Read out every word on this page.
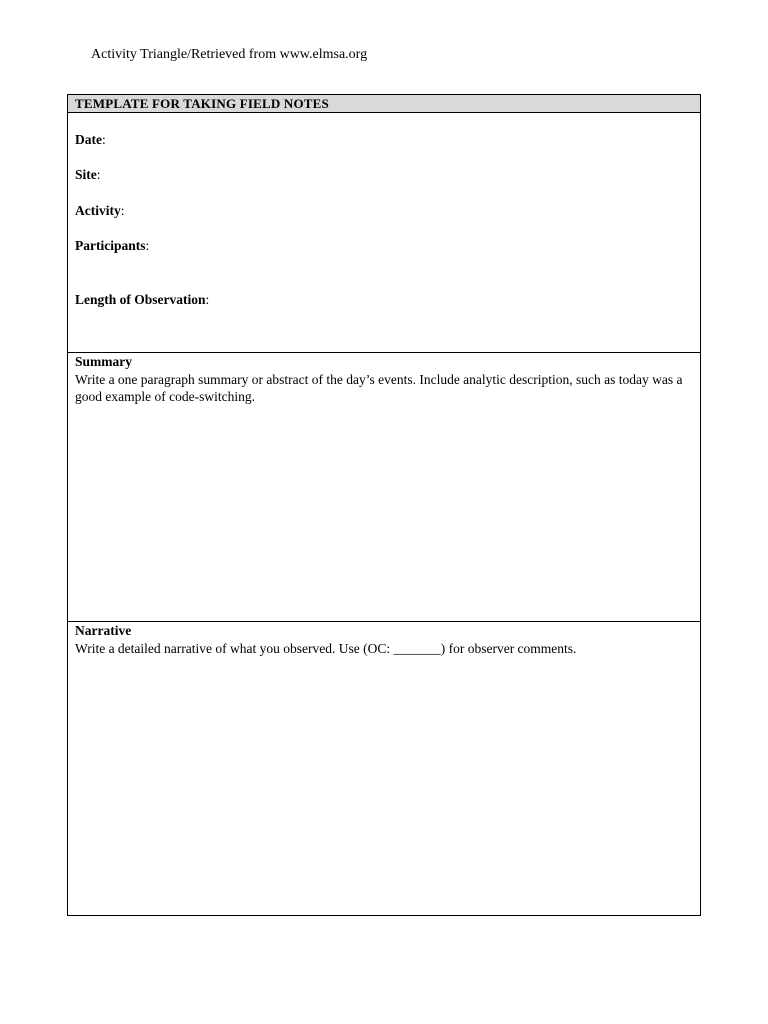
Activity Triangle/Retrieved from www.elmsa.org
TEMPLATE FOR TAKING FIELD NOTES
Date:
Site:
Activity:
Participants:
Length of Observation:
Summary
Write a one paragraph summary or abstract of the day’s events. Include analytic description, such as today was a good example of code-switching.
Narrative
Write a detailed narrative of what you observed. Use (OC: _______) for observer comments.
